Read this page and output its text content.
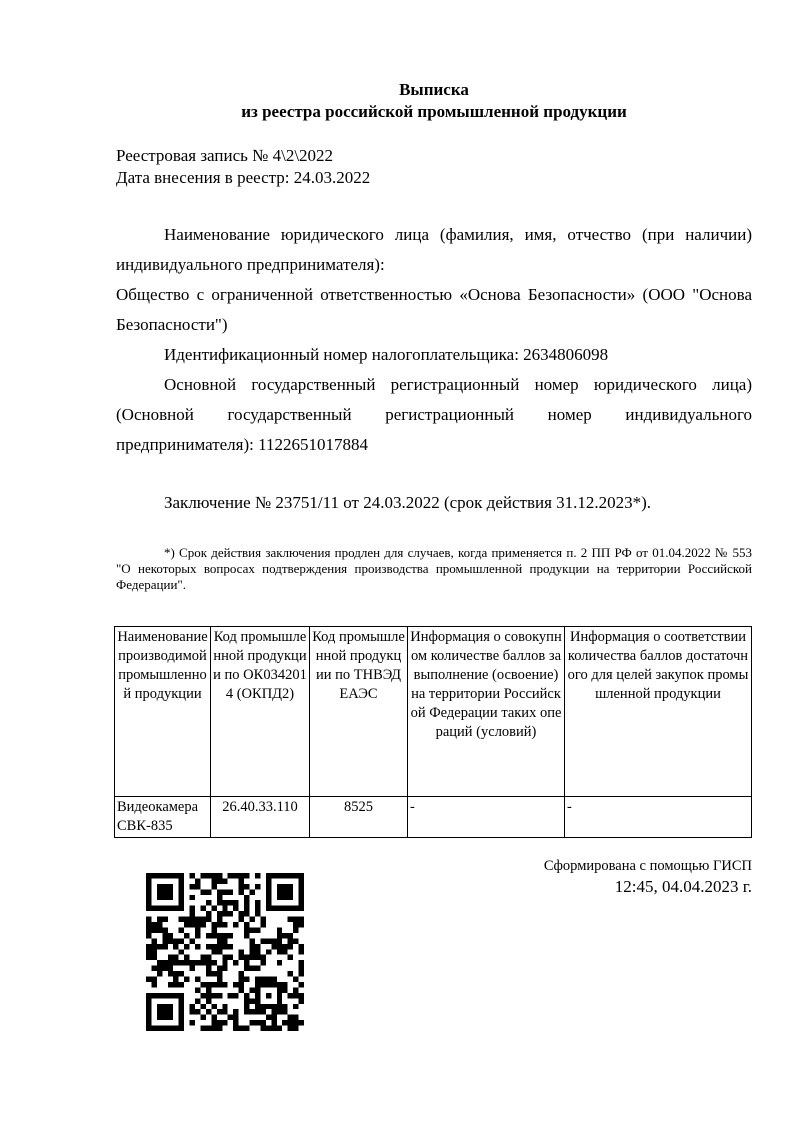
Выписка
из реестра российской промышленной продукции
Реестровая запись № 4\2\2022
Дата внесения в реестр: 24.03.2022
Наименование юридического лица (фамилия, имя, отчество (при наличии) индивидуального предпринимателя):
Общество с ограниченной ответственностью «Основа Безопасности» (ООО "Основа Безопасности")
Идентификационный номер налогоплательщика: 2634806098
Основной государственный регистрационный номер юридического лица) (Основной государственный регистрационный номер индивидуального предпринимателя): 1122651017884
Заключение № 23751/11 от 24.03.2022 (срок действия 31.12.2023*).
*) Срок действия заключения продлен для случаев, когда применяется п. 2 ПП РФ от 01.04.2022 № 553 "О некоторых вопросах подтверждения производства промышленной продукции на территории Российской Федерации".
Наименование производимой промышленной продукции	Код промышленной продукции по ОК0342014 (ОКПД2)	Код промышленной продукции по ТНВЭДЕАЭС	Информация о совокупном количестве баллов за выполнение (освоение) на территории Российской Федерации таких операций (условий)	Информация о соответствии количества баллов достаточного для целей закупок промышленной продукции
Видеокамера СВК-835	26.40.33.110	8525	-	-
Сформирована с помощью ГИСП
12:45, 04.04.2023 г.
